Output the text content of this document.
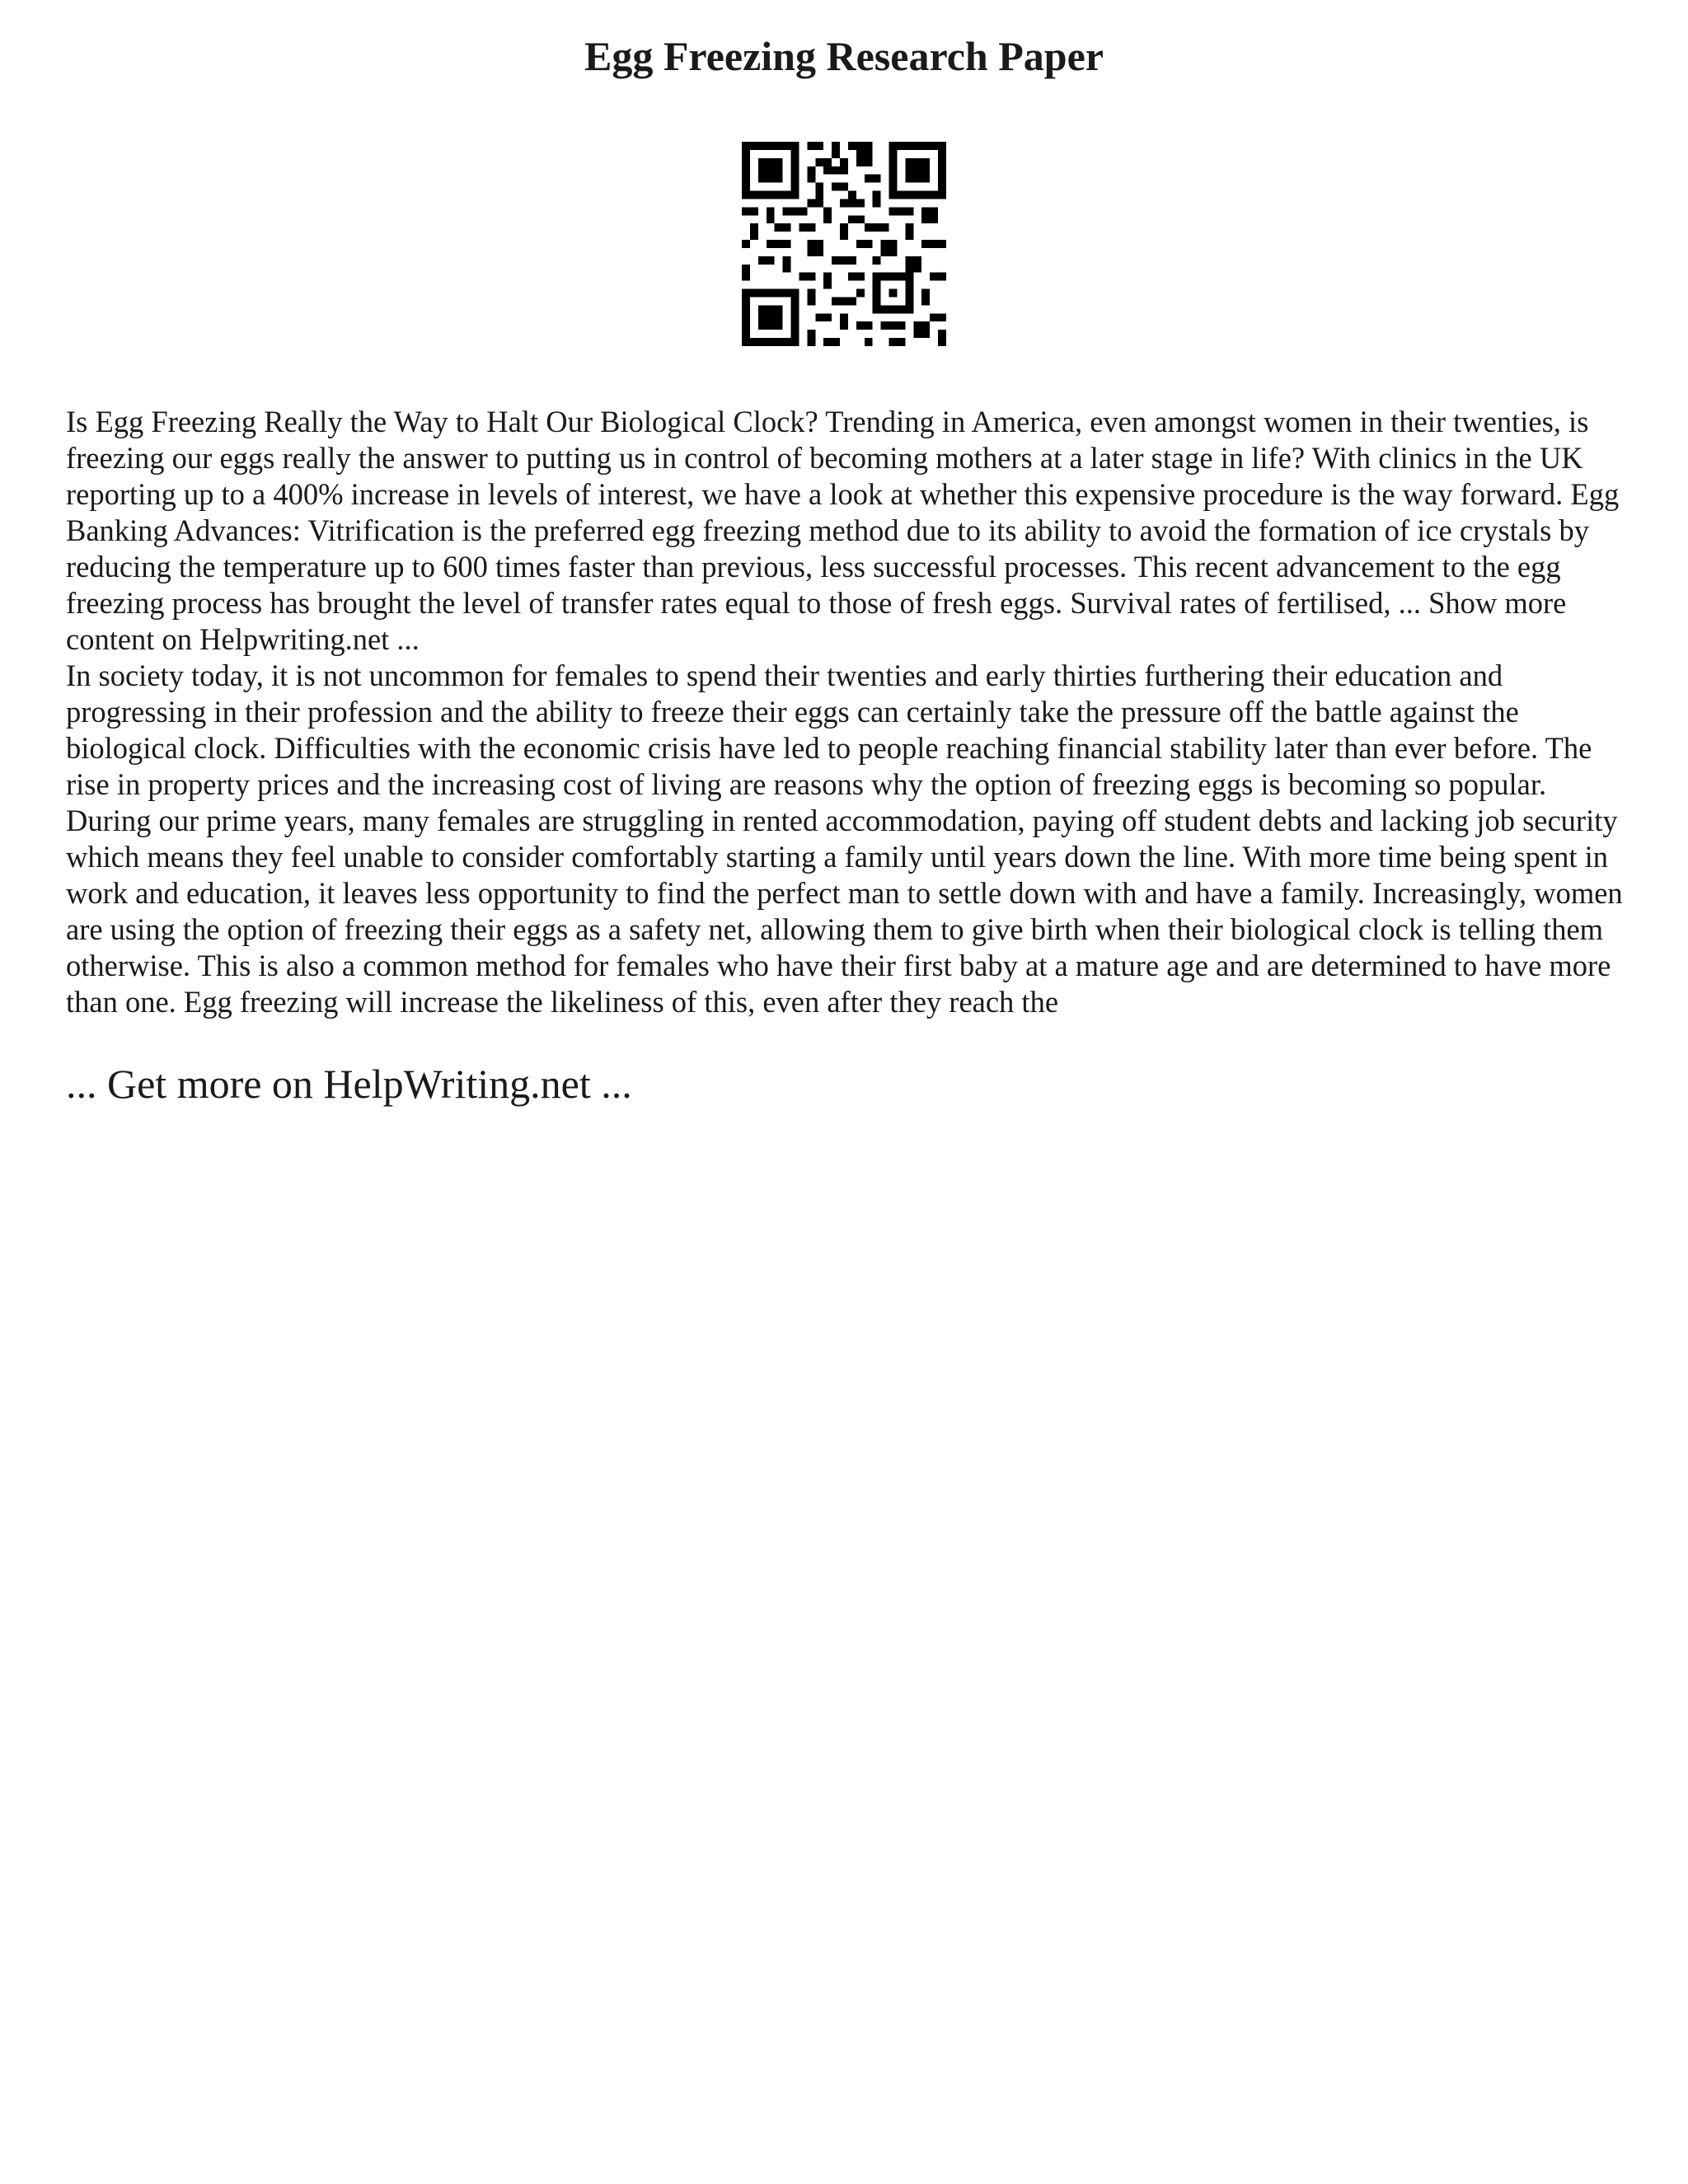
Egg Freezing Research Paper

Is Egg Freezing Really the Way to Halt Our Biological Clock? Trending in America, even amongst women in their twenties, is freezing our eggs really the answer to putting us in control of becoming mothers at a later stage in life? With clinics in the UK reporting up to a 400% increase in levels of interest, we have a look at whether this expensive procedure is the way forward. Egg Banking Advances: Vitrification is the preferred egg freezing method due to its ability to avoid the formation of ice crystals by reducing the temperature up to 600 times faster than previous, less successful processes. This recent advancement to the egg freezing process has brought the level of transfer rates equal to those of fresh eggs. Survival rates of fertilised, ... Show more content on Helpwriting.net ...

In society today, it is not uncommon for females to spend their twenties and early thirties furthering their education and progressing in their profession and the ability to freeze their eggs can certainly take the pressure off the battle against the biological clock. Difficulties with the economic crisis have led to people reaching financial stability later than ever before. The rise in property prices and the increasing cost of living are reasons why the option of freezing eggs is becoming so popular. During our prime years, many females are struggling in rented accommodation, paying off student debts and lacking job security which means they feel unable to consider comfortably starting a family until years down the line. With more time being spent in work and education, it leaves less opportunity to find the perfect man to settle down with and have a family. Increasingly, women are using the option of freezing their eggs as a safety net, allowing them to give birth when their biological clock is telling them otherwise. This is also a common method for females who have their first baby at a mature age and are determined to have more than one. Egg freezing will increase the likeliness of this, even after they reach the

... Get more on HelpWriting.net ...
